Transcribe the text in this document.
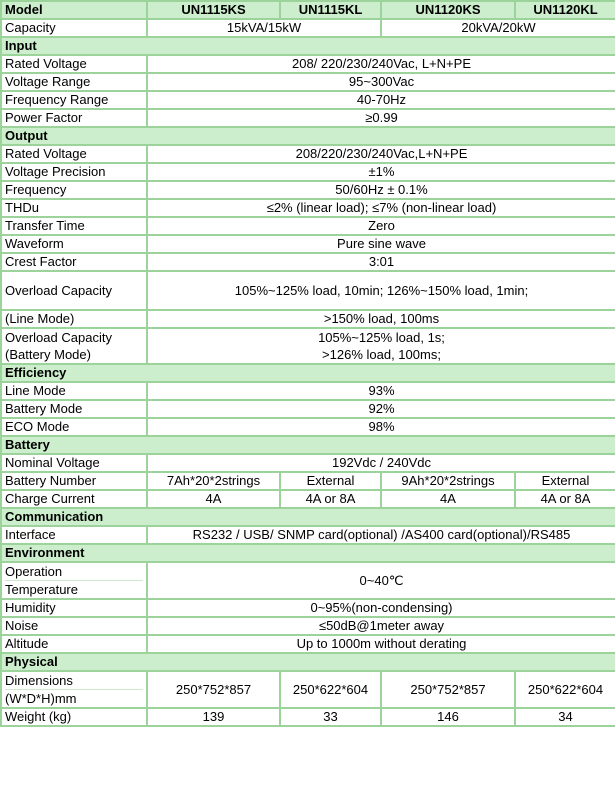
Model	UN1115KS	UN1115KL	UN1120KS	UN1120KL
Capacity	15kVA/15kW		20kVA/20kW	
Input				
Rated Voltage	208/ 220/230/240Vac, L+N+PE			
Voltage Range	95~300Vac			
Frequency Range	40-70Hz			
Power Factor	≥0.99			
Output				
Rated Voltage	208/220/230/240Vac,L+N+PE			
Voltage Precision	±1%			
Frequency	50/60Hz ± 0.1%			
THDu	≤2% (linear load); ≤7% (non-linear load)			
Transfer Time	Zero			
Waveform	Pure sine wave			
Crest Factor	3:01			
Overload Capacity	105%~125% load, 10min; 126%~150% load, 1min;			
(Line Mode)	>150% load, 100ms			

Overload Capacity
(Battery Mode)	105%~125% load, 1s;
>126% load, 100ms;			

Efficiency				
Line Mode	93%			
Battery Mode	92%			
ECO Mode	98%			
Battery				
Nominal Voltage	192Vdc / 240Vdc			
Battery Number	7Ah*20*2strings	External	9Ah*20*2strings	External
Charge Current	4A	4A or 8A	4A	4A or 8A
Communication				
Interface	RS232 / USB/ SNMP card(optional) /AS400 card(optional)/RS485			
Environment				

Operation
Temperature	0~40℃			
Humidity	0~95%(non-condensing)			
Noise	≤50dB@1meter away			
Altitude	Up to 1000m without derating			
Physical				

Dimensions
(W*D*H)mm	250*752*857	250*622*604	250*752*857	250*622*604
Weight (kg)	139	33	146	34
